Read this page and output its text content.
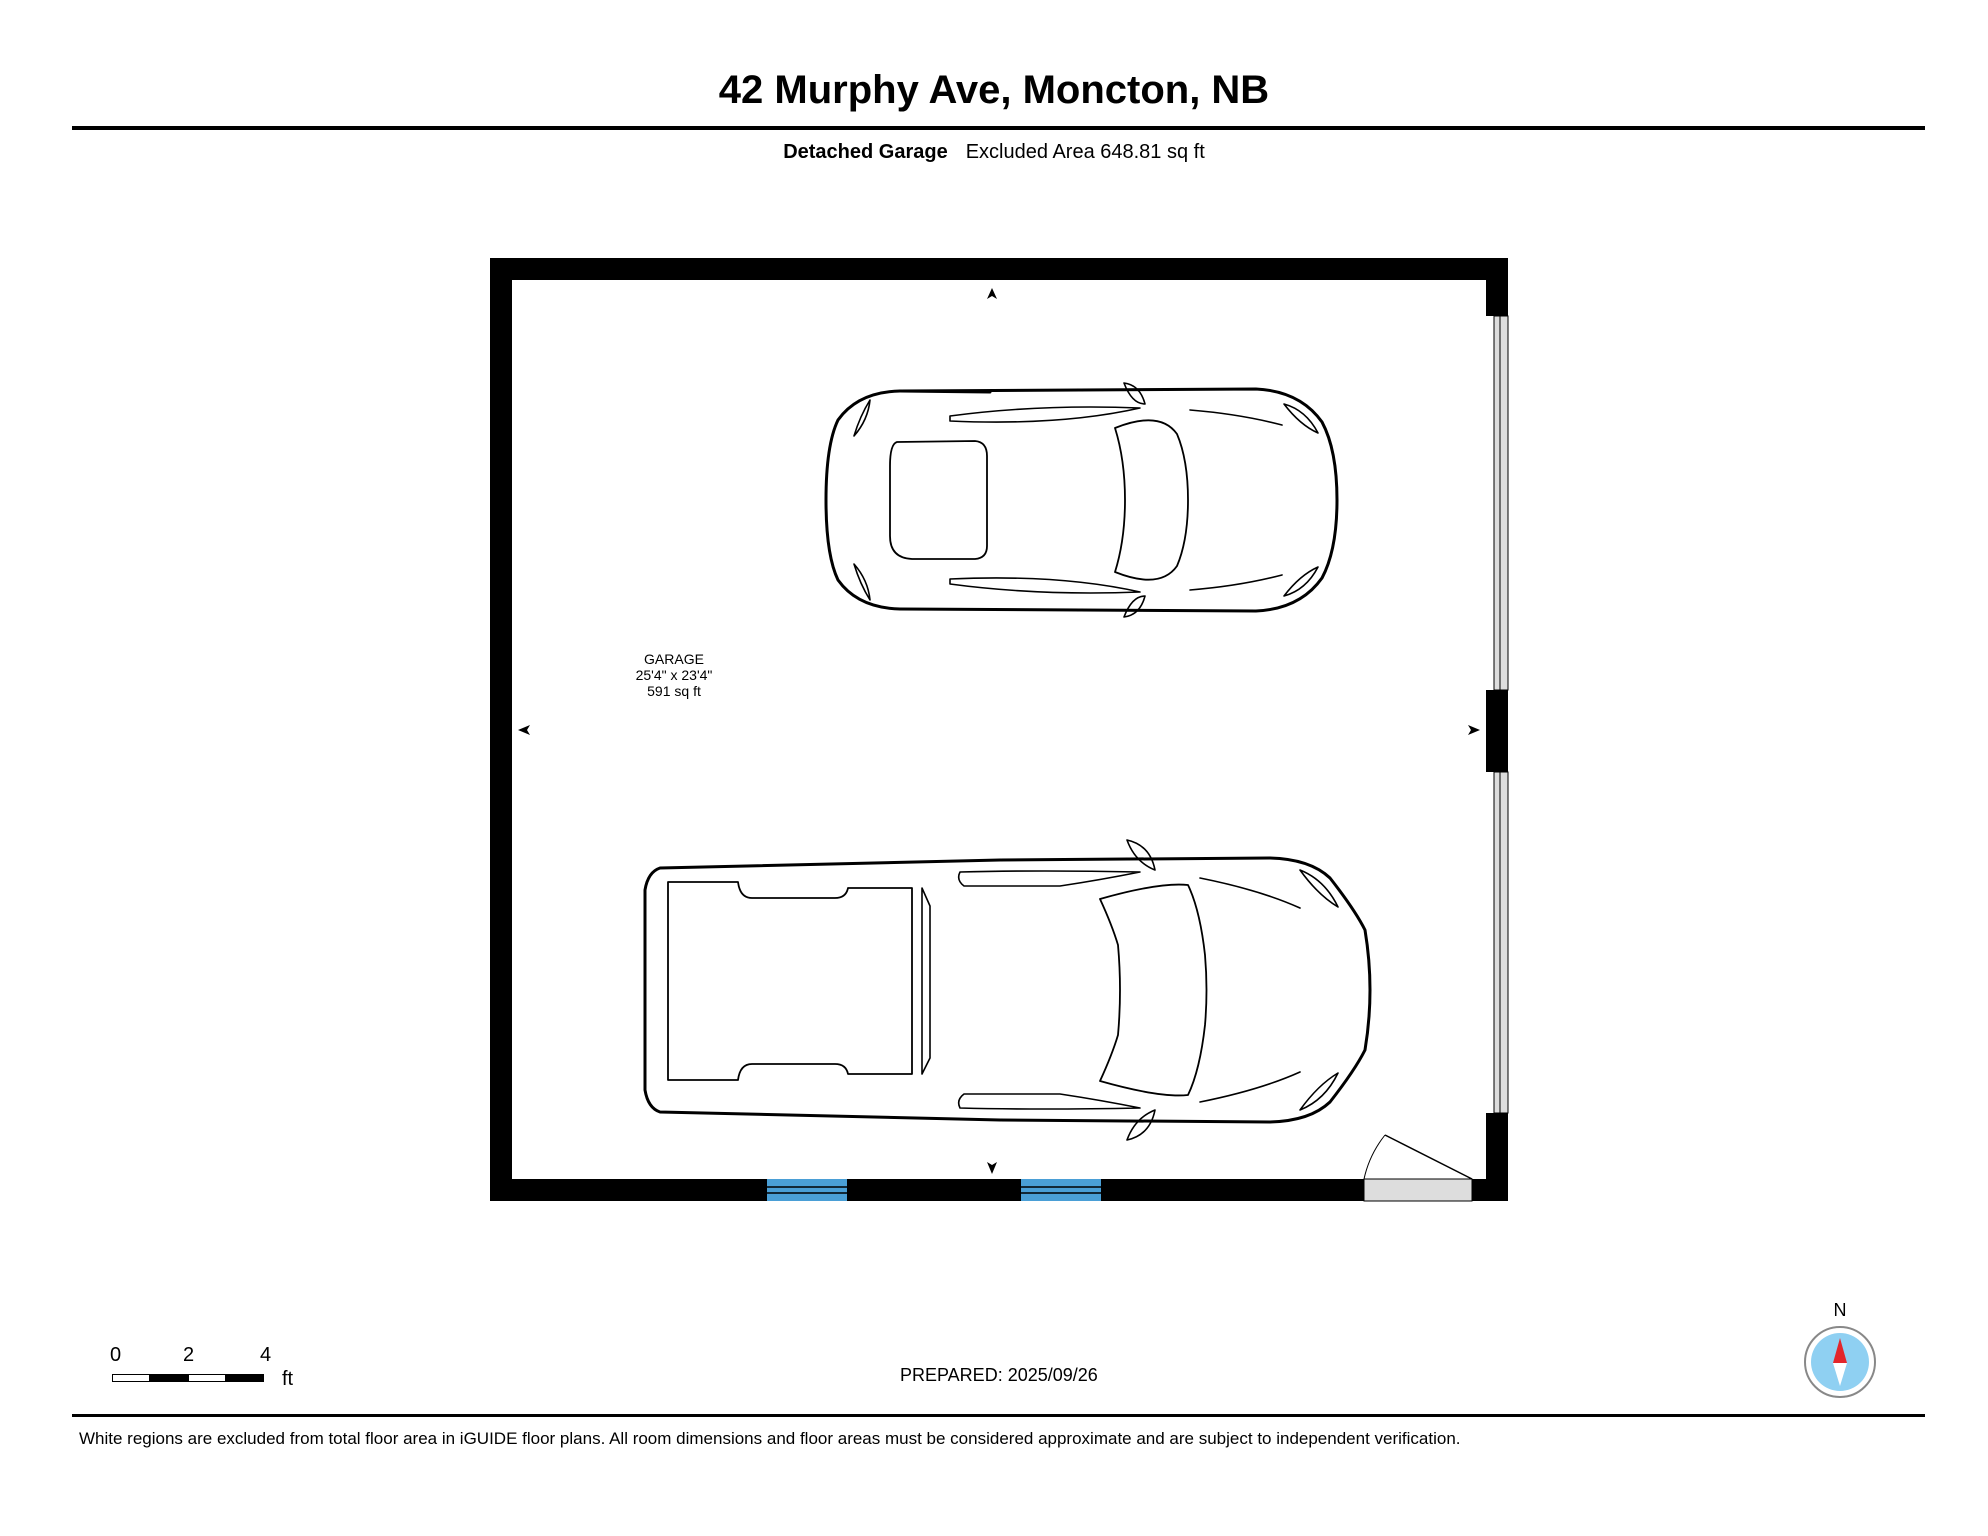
42 Murphy Ave, Moncton, NB
Detached Garage Excluded Area 648.81 sq ft
GARAGE
25'4" x 23'4"
591 sq ft
0	2	4
ft	PREPARED: 2025/09/26
N
White regions are excluded from total floor area in iGUIDE floor plans. All room dimensions and floor areas must be considered approximate and are subject to independent verification.
